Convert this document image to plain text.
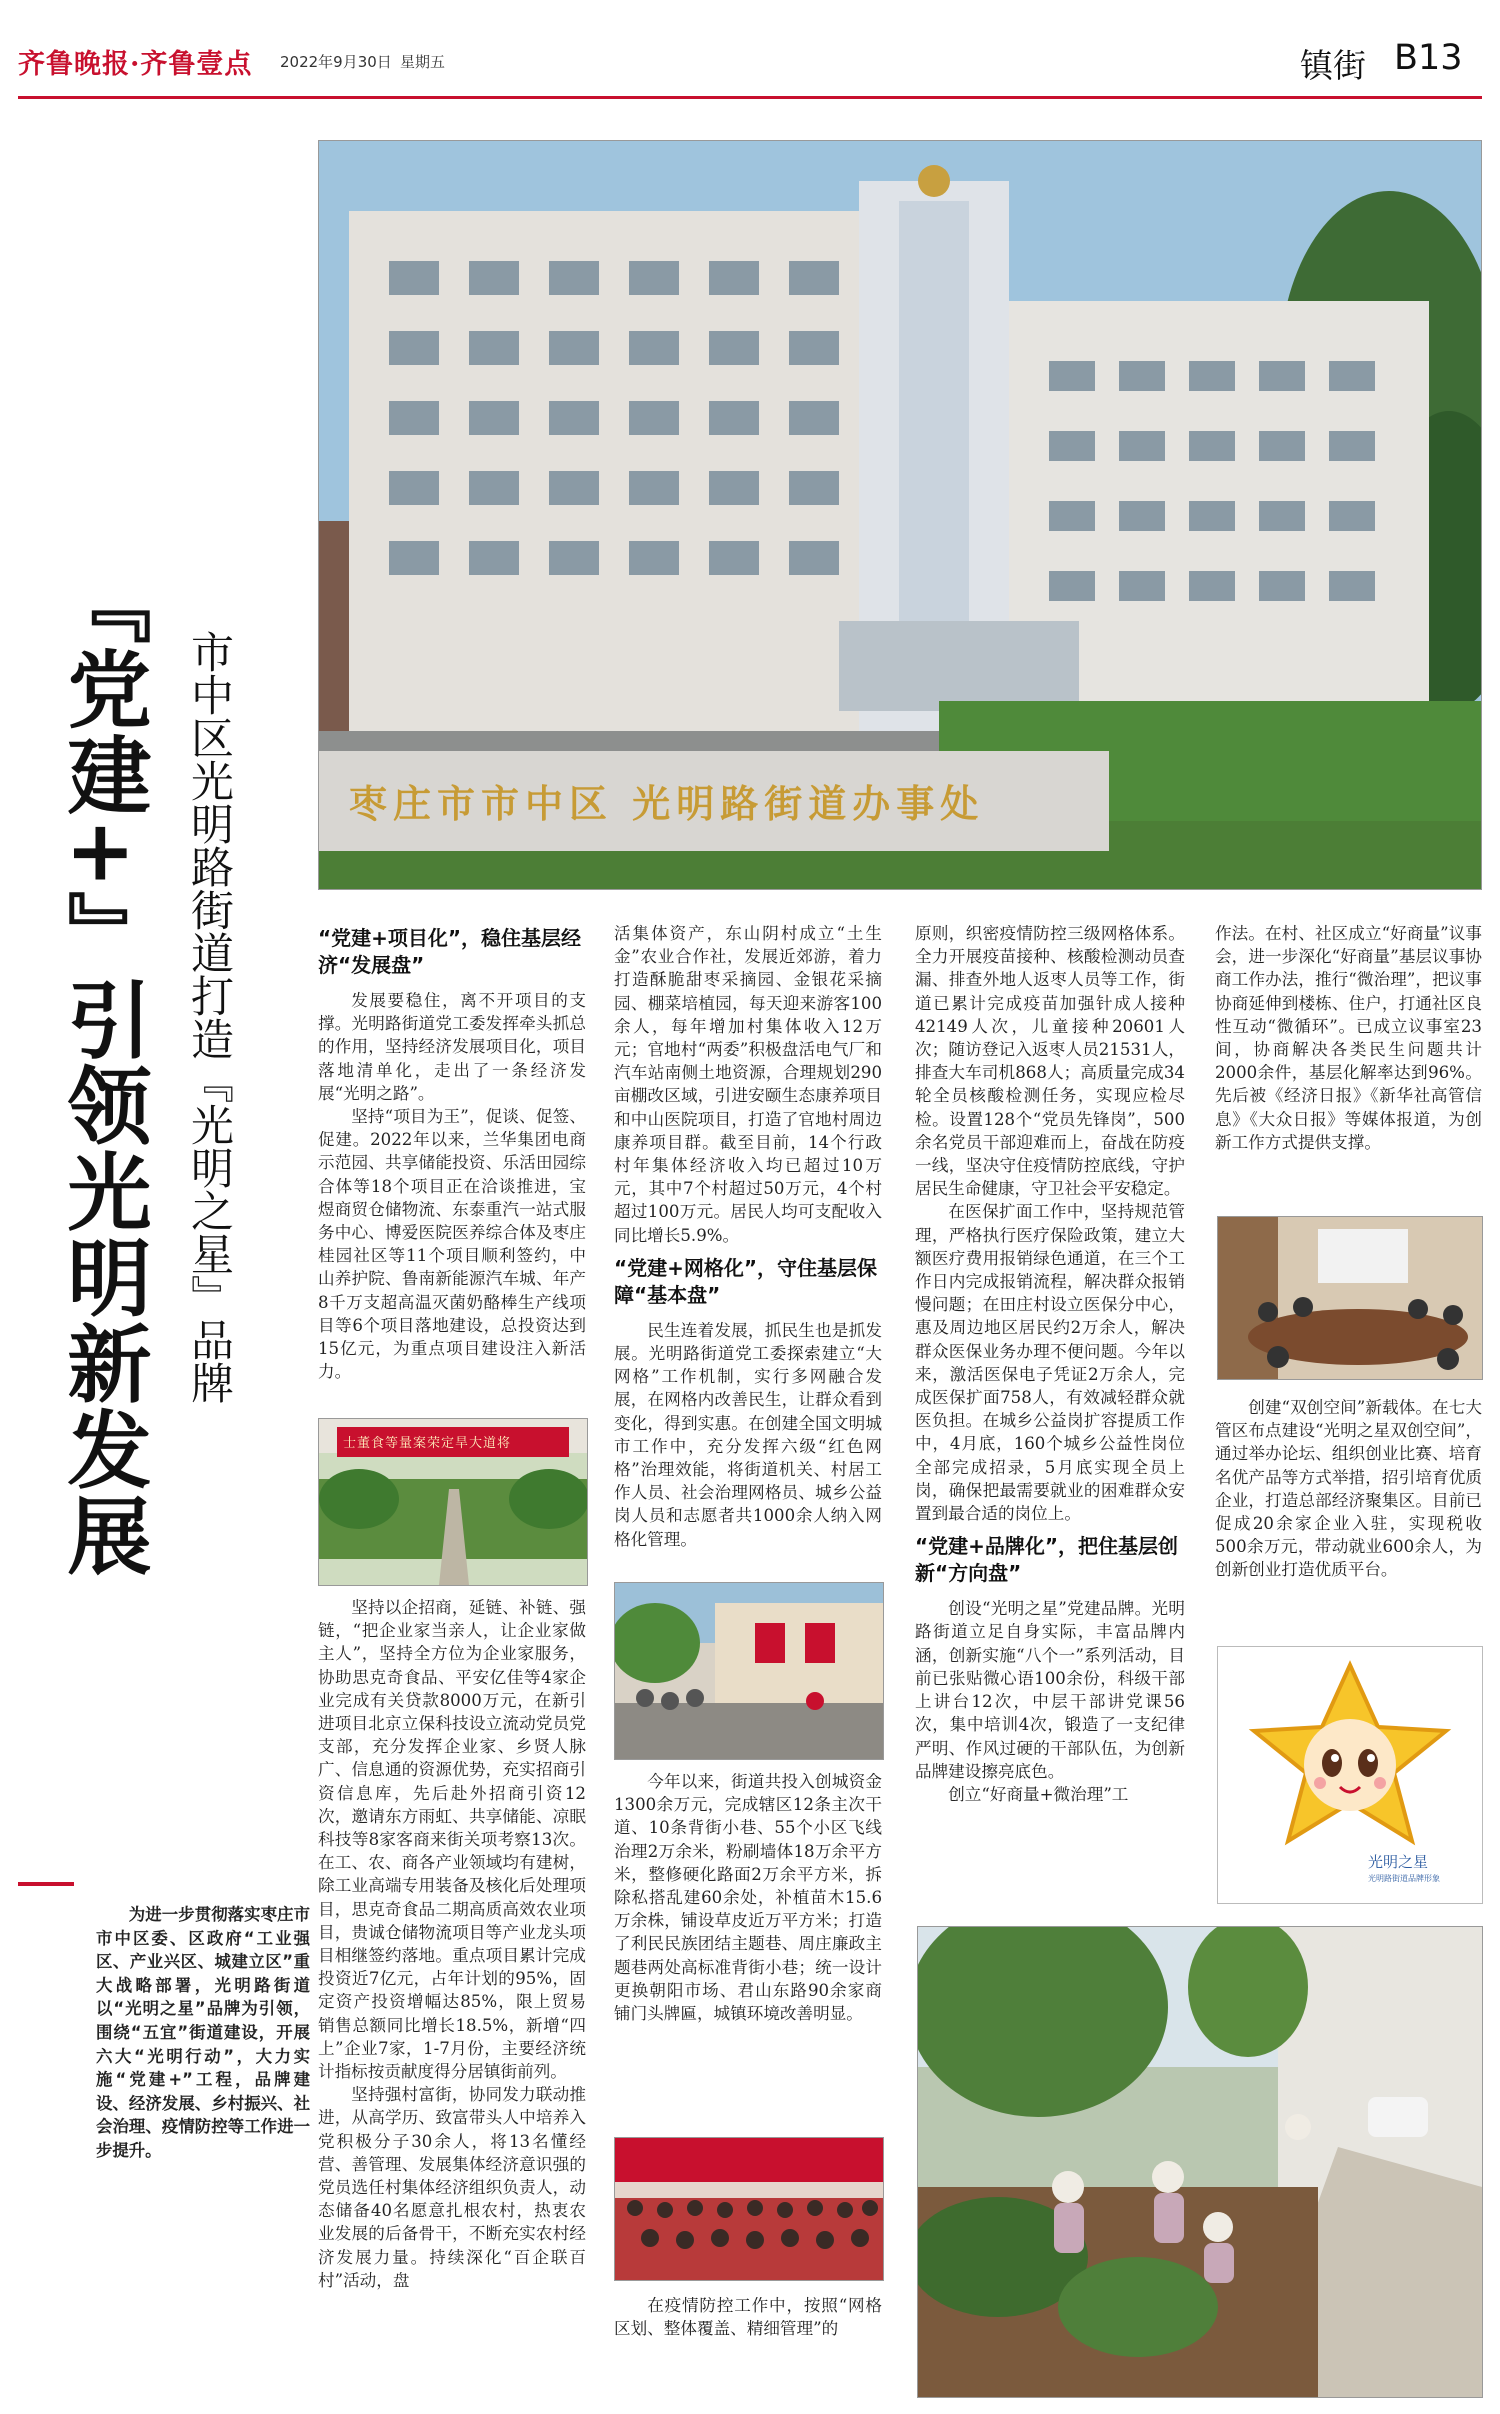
齐鲁晚报·齐鲁壹点 2022年9月30日 星期五	镇街 B13
『党建+』引领光明新发展 市中区光明路街道打造『光明之星』品牌

为进一步贯彻落实枣庄市市中区委、区政府“工业强区、产业兴区、城建立区”重大战略部署，光明路街道以“光明之星”品牌为引领，围绕“五宜”街道建设，开展六大“光明行动”，大力实施“党建+”工程，品牌建设、经济发展、乡村振兴、社会治理、疫情防控等工作进一步提升。

枣庄市市中区 光明路街道办事处

“党建+项目化”，稳住基层经济“发展盘”

发展要稳住，离不开项目的支撑。光明路街道党工委发挥牵头抓总的作用，坚持经济发展项目化，项目落地清单化，走出了一条经济发展“光明之路”。

坚持“项目为王”，促谈、促签、促建。2022年以来，兰华集团电商示范园、共享储能投资、乐活田园综合体等18个项目正在洽谈推进，宝煜商贸仓储物流、东泰重汽一站式服务中心、博爱医院医养综合体及枣庄桂园社区等11个项目顺利签约，中山养护院、鲁南新能源汽车城、年产8千万支超高温灭菌奶酪棒生产线项目等6个项目落地建设，总投资达到15亿元，为重点项目建设注入新活力。

士董食等量案荣定旱大道将

坚持以企招商，延链、补链、强链，“把企业家当亲人，让企业家做主人”，坚持全方位为企业家服务，协助思克奇食品、平安亿佳等4家企业完成有关贷款8000万元，在新引进项目北京立保科技设立流动党员党支部，充分发挥企业家、乡贤人脉广、信息通的资源优势，充实招商引资信息库，先后赴外招商引资12次，邀请东方雨虹、共享储能、凉眠科技等8家客商来街关项考察13次。在工、农、商各产业领域均有建树，除工业高端专用装备及核化后处理项目，思克奇食品二期高质高效农业项目，贵诚仓储物流项目等产业龙头项目相继签约落地。重点项目累计完成投资近7亿元，占年计划的95%，固定资产投资增幅达85%，限上贸易销售总额同比增长18.5%，新增“四上”企业7家，1-7月份，主要经济统计指标按贡献度得分居镇街前列。

坚持强村富街，协同发力联动推进，从高学历、致富带头人中培养入党积极分子30余人，将13名懂经营、善管理、发展集体经济意识强的党员选任村集体经济组织负责人，动态储备40名愿意扎根农村，热衷农业发展的后备骨干，不断充实农村经济发展力量。持续深化“百企联百村”活动，盘

活集体资产，东山阴村成立“土生金”农业合作社，发展近郊游，着力打造酥脆甜枣采摘园、金银花采摘园、棚菜培植园，每天迎来游客100余人，每年增加村集体收入12万元；官地村“两委”积极盘活电气厂和汽车站南侧土地资源，合理规划290亩棚改区域，引进安颐生态康养项目和中山医院项目，打造了官地村周边康养项目群。截至目前，14个行政村年集体经济收入均已超过10万元，其中7个村超过50万元，4个村超过100万元。居民人均可支配收入同比增长5.9%。

“党建+网格化”，守住基层保障“基本盘”

民生连着发展，抓民生也是抓发展。光明路街道党工委探索建立“大网格”工作机制，实行多网融合发展，在网格内改善民生，让群众看到变化，得到实惠。在创建全国文明城市工作中，充分发挥六级“红色网格”治理效能，将街道机关、村居工作人员、社会治理网格员、城乡公益岗人员和志愿者共1000余人纳入网格化管理。

今年以来，街道共投入创城资金1300余万元，完成辖区12条主次干道、10条背街小巷、55个小区飞线治理2万余米，粉刷墙体18万余平方米，整修硬化路面2万余平方米，拆除私搭乱建60余处，补植苗木15.6万余株，铺设草皮近万平方米；打造了利民民族团结主题巷、周庄廉政主题巷两处高标准背街小巷；统一设计更换朝阳市场、君山东路90余家商铺门头牌匾，城镇环境改善明显。

在疫情防控工作中，按照“网格区划、整体覆盖、精细管理”的

原则，织密疫情防控三级网格体系。全力开展疫苗接种、核酸检测动员查漏、排查外地人返枣人员等工作，街道已累计完成疫苗加强针成人接种42149人次，儿童接种20601人次；随访登记入返枣人员21531人，排查大车司机868人；高质量完成34轮全员核酸检测任务，实现应检尽检。设置128个“党员先锋岗”，500余名党员干部迎难而上，奋战在防疫一线，坚决守住疫情防控底线，守护居民生命健康，守卫社会平安稳定。

在医保扩面工作中，坚持规范管理，严格执行医疗保险政策，建立大额医疗费用报销绿色通道，在三个工作日内完成报销流程，解决群众报销慢问题；在田庄村设立医保分中心，惠及周边地区居民约2万余人，解决群众医保业务办理不便问题。今年以来，激活医保电子凭证2万余人，完成医保扩面758人，有效减轻群众就医负担。在城乡公益岗扩容提质工作中，4月底，160个城乡公益性岗位全部完成招录，5月底实现全员上岗，确保把最需要就业的困难群众安置到最合适的岗位上。

“党建+品牌化”，把住基层创新“方向盘”

创设“光明之星”党建品牌。光明路街道立足自身实际，丰富品牌内涵，创新实施“八个一”系列活动，目前已张贴微心语100余份，科级干部上讲台12次，中层干部讲党课56次，集中培训4次，锻造了一支纪律严明、作风过硬的干部队伍，为创新品牌建设擦亮底色。

创立“好商量+微治理”工

作法。在村、社区成立“好商量”议事会，进一步深化“好商量”基层议事协商工作办法，推行“微治理”，把议事协商延伸到楼栋、住户，打通社区良性互动“微循环”。已成立议事室23间，协商解决各类民生问题共计2000余件，基层化解率达到96%。先后被《经济日报》《新华社高管信息》《大众日报》等媒体报道，为创新工作方式提供支撑。

创建“双创空间”新载体。在七大管区布点建设“光明之星双创空间”，通过举办论坛、组织创业比赛、培育名优产品等方式举措，招引培育优质企业，打造总部经济聚集区。目前已促成20余家企业入驻，实现税收500余万元，带动就业600余人，为创新创业打造优质平台。

光明之星
光明路街道品牌形象
